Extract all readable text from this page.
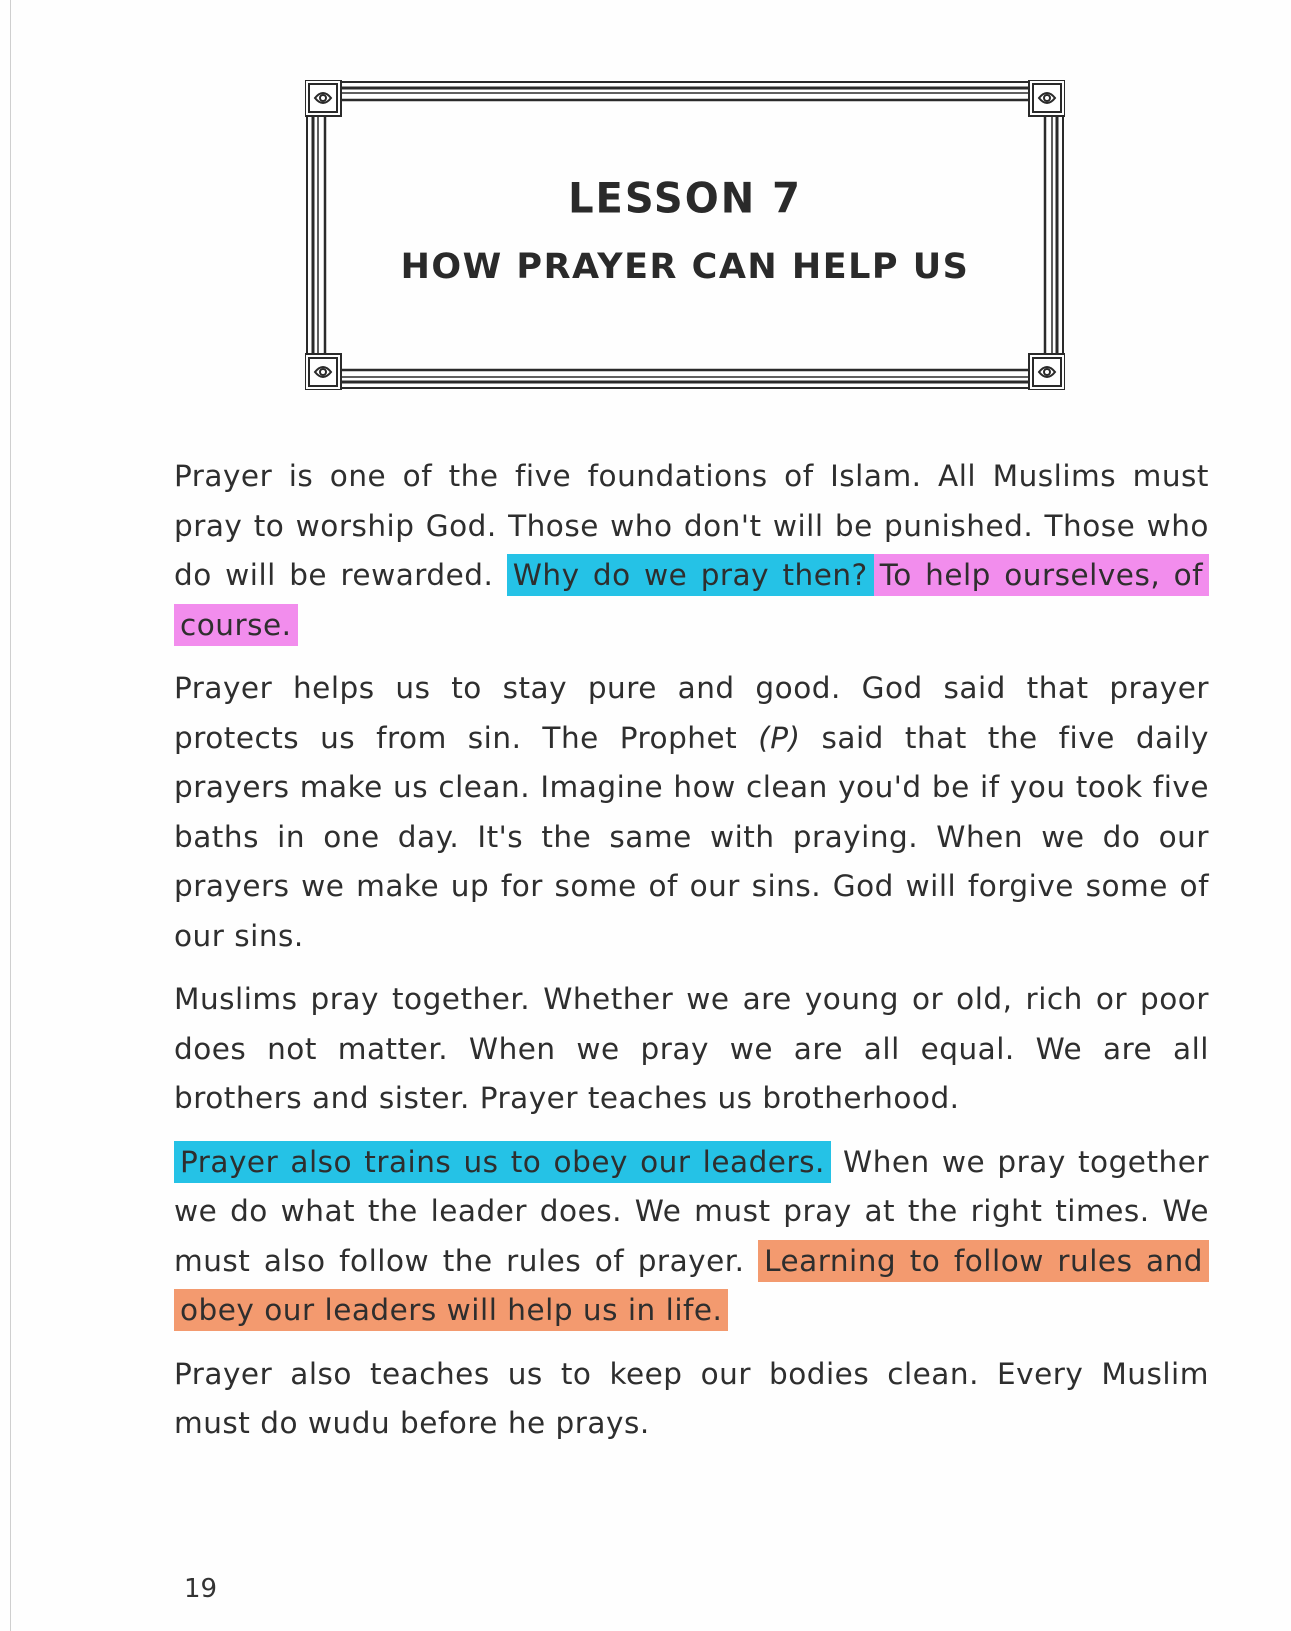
LESSON 7
HOW PRAYER CAN HELP US

Prayer is one of the five foundations of Islam. All Muslims must pray to worship God. Those who don't will be punished. Those who do will be rewarded. Why do we pray then? To help ourselves, of course.

Prayer helps us to stay pure and good. God said that prayer protects us from sin. The Prophet (P) said that the five daily prayers make us clean. Imagine how clean you'd be if you took five baths in one day. It's the same with praying. When we do our prayers we make up for some of our sins. God will forgive some of our sins.

Muslims pray together. Whether we are young or old, rich or poor does not matter. When we pray we are all equal. We are all brothers and sister. Prayer teaches us brotherhood.

Prayer also trains us to obey our leaders. When we pray together we do what the leader does. We must pray at the right times. We must also follow the rules of prayer. Learning to follow rules and obey our leaders will help us in life.

Prayer also teaches us to keep our bodies clean. Every Muslim must do wudu before he prays.

19
